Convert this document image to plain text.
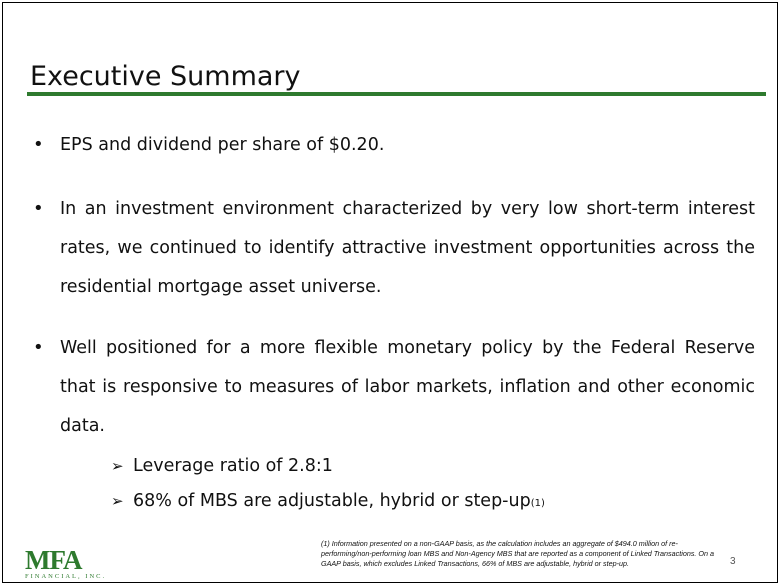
Executive Summary
• EPS and dividend per share of $0.20.
• In an investment environment characterized by very low short-term interest rates, we continued to identify attractive investment opportunities across the residential mortgage asset universe.
• Well positioned for a more flexible monetary policy by the Federal Reserve that is responsive to measures of labor markets, inflation and other economic data.
➢ Leverage ratio of 2.8:1
➢ 68% of MBS are adjustable, hybrid or step-up (1)
(1) Information presented on a non-GAAP basis, as the calculation includes an aggregate of $494.0 million of re-performing/non-performing loan MBS and Non-Agency MBS that are reported as a component of Linked Transactions. On a GAAP basis, which excludes Linked Transactions, 66% of MBS are adjustable, hybrid or step-up.	3
MFA
FINANCIAL, INC.
